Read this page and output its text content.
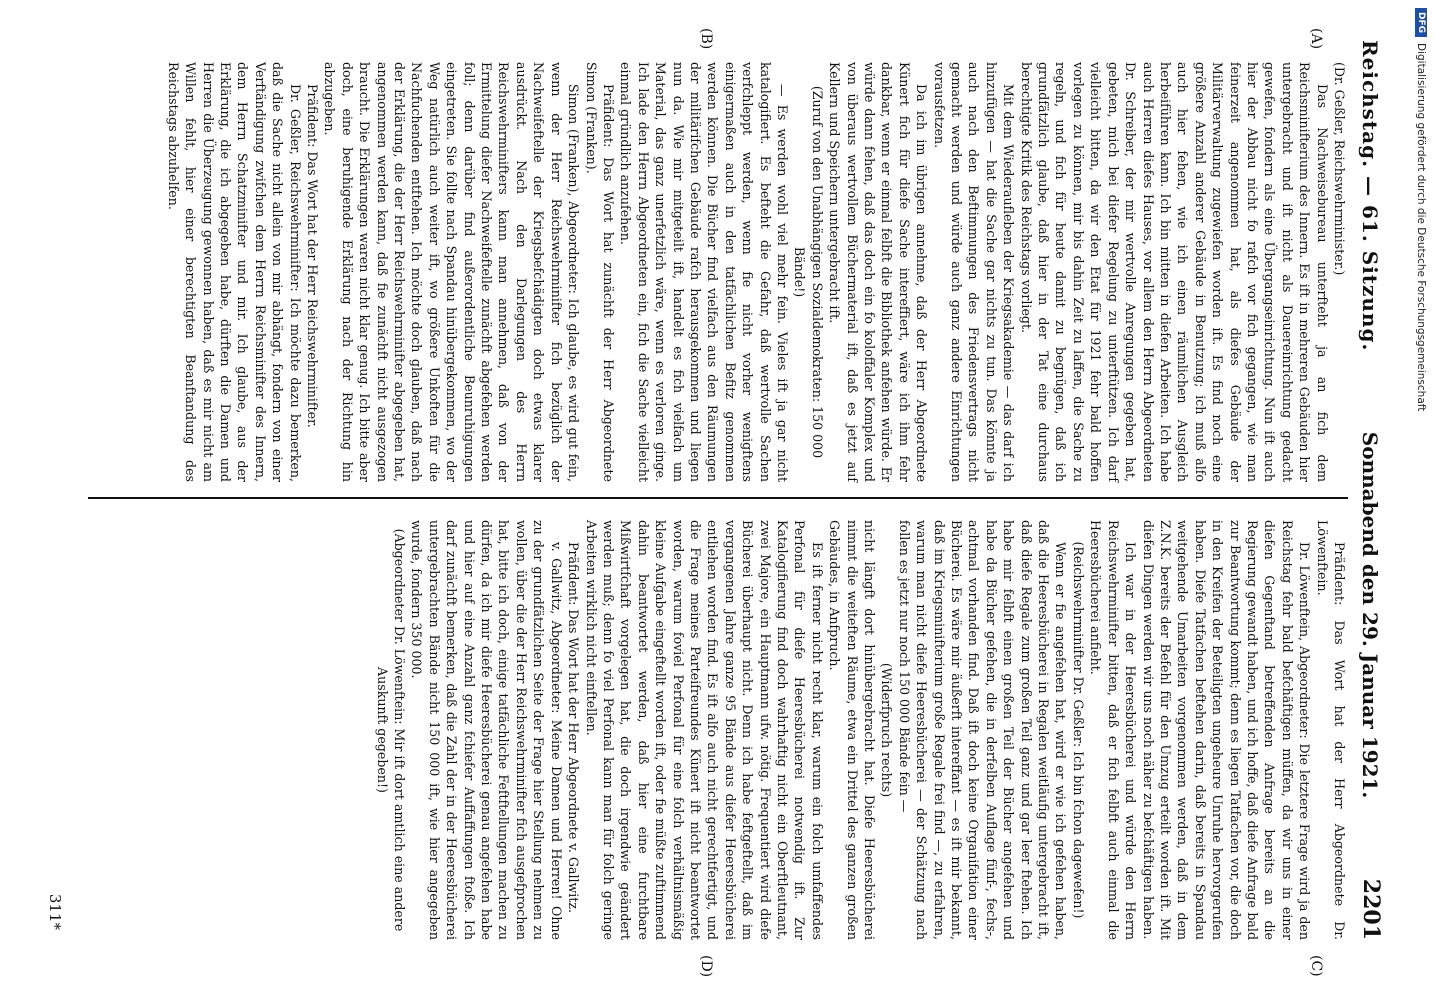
Reichstag. — 61. Sitzung.
Sonnabend den 29. Januar 1921.
2201
(A)
(B)
(C)
(D)

(Dr. Geßler, Reichswehrminister.)

Das Nachweisebureau unterfteht ja an fich dem Reichsminifterium des Innern. Es ift in mehreren Gebäuden hier untergebracht und ift nicht als Dauereinrichtung gedacht gewefen, fondern als eine Übergangseinrichtung. Nun ift auch hier der Abbau nicht fo rafch vor fich gegangen, wie man feinerzeit angenommen hat, als diefes Gebäude der Militärverwaltung zugewiefen worden ift. Es find noch eine größere Anzahl anderer Gebäude in Benutzung; ich muß alfo auch hier fehen, wie ich einen räumlichen Ausgleich herbeiführen kann. Ich bin mitten in diefen Arbeiten. Ich habe auch Herren diefes Hauses, vor allem den Herrn Abgeordneten Dr. Schreiber, der mir wertvolle Anregungen gegeben hat, gebeten, mich bei diefer Regelung zu unterftützen. Ich darf vielleicht bitten, da wir den Etat für 1921 fehr bald hoffen vorlegen zu können, mir bis dahin Zeit zu laffen, die Sache zu regeln, und fich für heute damit zu begnügen, daß ich grundfätzlich glaube, daß hier in der Tat eine durchaus berechtigte Kritik des Reichstags vorliegt.

Mit dem Wiederaufleben der Kriegsakademie — das darf ich hinzufügen — hat die Sache gar nichts zu tun. Das könnte ja auch nach den Beftimmungen des Friedensvertrags nicht gemacht werden und würde auch ganz andere Einrichtungen vorausfetzen.

Da ich im übrigen annehme, daß der Herr Abgeordnete Künert fich für diefe Sache intereffiert, wäre ich ihm fehr dankbar, wenn er einmal felbft die Bibliothek anfehen würde. Er würde dann fehen, daß das doch ein fo koloffaler Komplex und von überaus wertvollem Büchermaterial ift, daß es jetzt auf Kellern und Speichern untergebracht ift.

(Zuruf von den Unabhängigen Sozialdemokraten: 150 000 Bände!)

— Es werden wohl viel mehr fein. Vieles ift ja gar nicht katalogifiert. Es befteht die Gefahr, daß wertvolle Sachen verfchleppt werden, wenn fie nicht vorher wenigftens einigermaßen auch in den tatfächlichen Befitz genommen werden können. Die Bücher find vielfach aus den Räumungen der militärifchen Gebäude rafch herausgekommen und liegen nun da. Wie mir mitgeteilt ift, handelt es fich vielfach um Material, das ganz unerfetzlich wäre, wenn es verloren ginge. Ich lade den Herrn Abgeordneten ein, fich die Sache vielleicht einmal gründlich anzufehen.

Präfident: Das Wort hat zunächft der Herr Abgeordnete Simon (Franken).

Simon (Franken), Abgeordneter: Ich glaube, es wird gut fein, wenn der Herr Reichswehrminifter fich bezüglich der Nachweifeftelle der Kriegsbefchädigten doch etwas klarer ausdrückt. Nach den Darlegungen des Herrn Reichswehrminifters kann man annehmen, daß von der Ermittelung diefer Nachweifeftelle zunächft abgefehen werden foll; denn darüber find außerordentliche Beunruhigungen eingetreten. Sie follte nach Spandau hinübergekommen, wo der Weg natürlich auch weiter ift, wo größere Unkoften für die Nachfuchenden entftehen. Ich möchte doch glauben, daß nach der Erklärung, die der Herr Reichswehrminifter abgegeben hat, angenommen werden kann, daß fie zunächft nicht ausgezogen braucht. Die Erklärungen waren nicht klar genug. Ich bitte aber doch, eine beruhigende Erklärung nach der Richtung hin abzugeben.

Präfident: Das Wort hat der Herr Reichswehrminifter.

Dr. Geßler, Reichswehrminifter: Ich möchte dazu bemerken, daß die Sache nicht allein von mir abhängt, fondern von einer Verftändigung zwifchen dem Herrn Reichsminifter des Innern, dem Herrn Schatzminifter und mir. Ich glaube, aus der Erklärung, die ich abgegeben habe, dürften die Damen und Herren die Überzeugung gewonnen haben, daß es mir nicht am Willen fehlt, hier einer berechtigten Beanftandung des Reichstags abzuhelfen.

Präfident: Das Wort hat der Herr Abgeordnete Dr. Löwenftein.

Dr. Löwenftein, Abgeordneter: Die letztere Frage wird ja den Reichstag fehr bald befchäftigen müffen, da wir uns in einer diefen Gegenftand betreffenden Anfrage bereits an die Regierung gewandt haben, und ich hoffe, daß diefe Anfrage bald zur Beantwortung kommt; denn es liegen Tatfachen vor, die doch in den Kreifen der Beteiligten ungeheure Unruhe hervorgerufen haben. Diefe Tatfachen beftehen darin, daß bereits in Spandau weitgehende Umarbeiten vorgenommen werden, daß in dem Z.N.K. bereits der Befehl für den Umzug erteilt worden ift. Mit diefen Dingen werden wir uns noch näher zu befchäftigen haben.

Ich war in der Heeresbücherei und würde den Herrn Reichswehrminifter bitten, daß er fich felbft auch einmal die Heeresbücherei anfieht.

(Reichswehrminifter Dr. Geßler: Ich bin fchon dagewefen!)

Wenn er fie angefehen hat, wird er wie ich gefehen haben, daß die Heeresbücherei in Regalen weitläufig untergebracht ift, daß diefe Regale zum großen Teil ganz und gar leer ftehen. Ich habe mir felbft einen großen Teil der Bücher angefehen und habe da Bücher gefehen, die in derfelben Auflage fünf-, fechs-, achtmal vorhanden find. Daß ift doch keine Organifation einer Bücherei. Es wäre mir äußerft intereffant — es ift mir bekannt, daß im Kriegsminifterium große Regale frei find —, zu erfahren, warum man nicht diefe Heeresbücherei — der Schätzung nach follen es jetzt nur noch 150 000 Bände fein —

(Widerfpruch rechts)

nicht längft dort hinübergebracht hat. Diefe Heeresbücherei nimmt die weiteften Räume, etwa ein Drittel des ganzen großen Gebäudes, in Anfpruch.

Es ift ferner nicht recht klar, warum ein folch umfaffendes Perfonal für diefe Heeresbücherei notwendig ift. Zur Katalogifierung find doch wahrhaftig nicht ein Oberftleutnant, zwei Majore, ein Hauptmann ufw. nötig. Frequentiert wird diefe Bücherei überhaupt nicht. Denn ich habe feftgeftellt, daß im vergangenen Jahre ganze 95 Bände aus diefer Heeresbücherei entliehen worden find. Es ift alfo auch nicht gerechtfertigt, und die Frage meines Parteifreundes Künert ift nicht beantwortet worden, warum foviel Perfonal für eine folch verhältnismäßig kleine Aufgabe eingeftellt worden ift, oder fie müßte zuftimmend dahin beantwortet werden, daß hier eine furchtbare Mißwirtfchaft vorgelegen hat, die doch irgendwie geändert werden muß; denn fo viel Perfonal kann man für folch geringe Arbeiten wirklich nicht einftellen.

Präfident: Das Wort hat der Herr Abgeordnete v. Gallwitz.

v. Gallwitz, Abgeordneter: Meine Damen und Herren! Ohne zu der grundfätzlichen Seite der Frage hier Stellung nehmen zu wollen, über die der Herr Reichswehrminifter fich ausgefprochen hat, bitte ich doch, einige tatfächliche Feftftellungen machen zu dürfen, da ich mir diefe Heeresbücherei genau angefehen habe und hier auf eine Anzahl ganz fchiefer Auffaffungen ftoße. Ich darf zunächft bemerken, daß die Zahl der in der Heeresbücherei untergebrachten Bände nicht 150 000 ift, wie hier angegeben wurde, fondern 350 000.

(Abgeordneter Dr. Löwenftein: Mir ift dort amtlich eine andere Auskunft gegeben!)

311*
DFG
Digitalisierung gefördert durch die Deutsche Forschungsgemeinschaft
